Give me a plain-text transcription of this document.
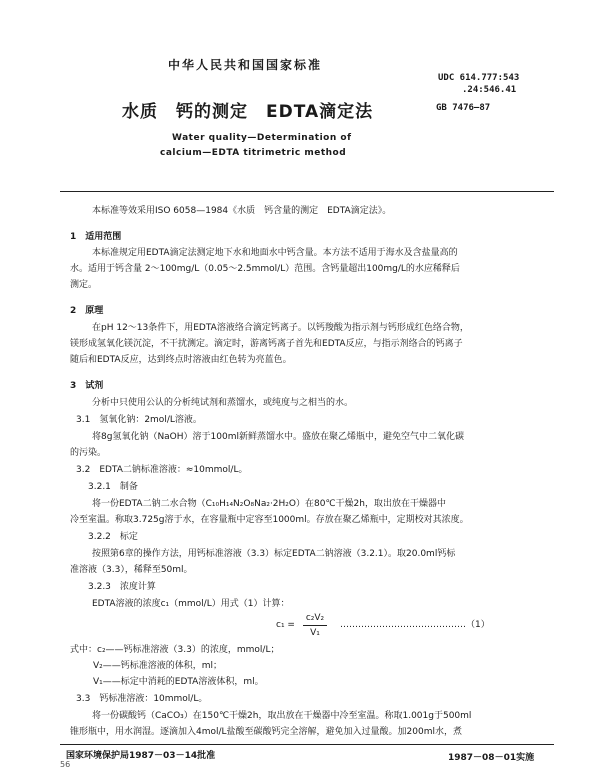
中华人民共和国国家标准
UDC 614.777:543
.24:546.41
GB 7476—87
水质　钙的测定　EDTA滴定法
Water quality—Determination of
calcium—EDTA titrimetric method
本标准等效采用ISO 6058—1984《水质　钙含量的测定　EDTA滴定法》。
1　适用范围
本标准规定用EDTA滴定法测定地下水和地面水中钙含量。本方法不适用于海水及含盐量高的
水。适用于钙含量 2～100mg/L（0.05～2.5mmol/L）范围。含钙量超出100mg/L的水应稀释后
测定。
2　原理
在pH 12～13条件下，用EDTA溶液络合滴定钙离子。以钙羧酸为指示剂与钙形成红色络合物，
镁形成氢氧化镁沉淀，不干扰测定。滴定时，游离钙离子首先和EDTA反应，与指示剂络合的钙离子
随后和EDTA反应，达到终点时溶液由红色转为亮蓝色。
3　试剂
分析中只使用公认的分析纯试剂和蒸馏水，或纯度与之相当的水。
3.1　氢氧化钠：2mol/L溶液。
将8g氢氧化钠（NaOH）溶于100ml新鲜蒸馏水中。盛放在聚乙烯瓶中，避免空气中二氧化碳
的污染。
3.2　EDTA二钠标准溶液：≈10mmol/L。
3.2.1　制备
将一份EDTA二钠二水合物（C₁₀H₁₄N₂O₈Na₂·2H₂O）在80℃干燥2h，取出放在干燥器中
冷至室温。称取3.725g溶于水，在容量瓶中定容至1000ml。存放在聚乙烯瓶中，定期校对其浓度。
3.2.2　标定
按照第6章的操作方法，用钙标准溶液（3.3）标定EDTA二钠溶液（3.2.1）。取20.0ml钙标
准溶液（3.3），稀释至50ml。
3.2.3　浓度计算
EDTA溶液的浓度c₁（mmol/L）用式（1）计算：
c₁ =
c₂V₂
V₁
……………………………………（1）
式中：c₂——钙标准溶液（3.3）的浓度，mmol/L；
V₂——钙标准溶液的体积，ml；
V₁——标定中消耗的EDTA溶液体积，ml。
3.3　钙标准溶液：10mmol/L。
将一份碳酸钙（CaCO₃）在150℃干燥2h，取出放在干燥器中冷至室温。称取1.001g于500ml
锥形瓶中，用水润湿。逐滴加入4mol/L盐酸至碳酸钙完全溶解，避免加入过量酸。加200ml水，煮
国家环境保护局1987－03－14批准	1987－08－01实施
56
